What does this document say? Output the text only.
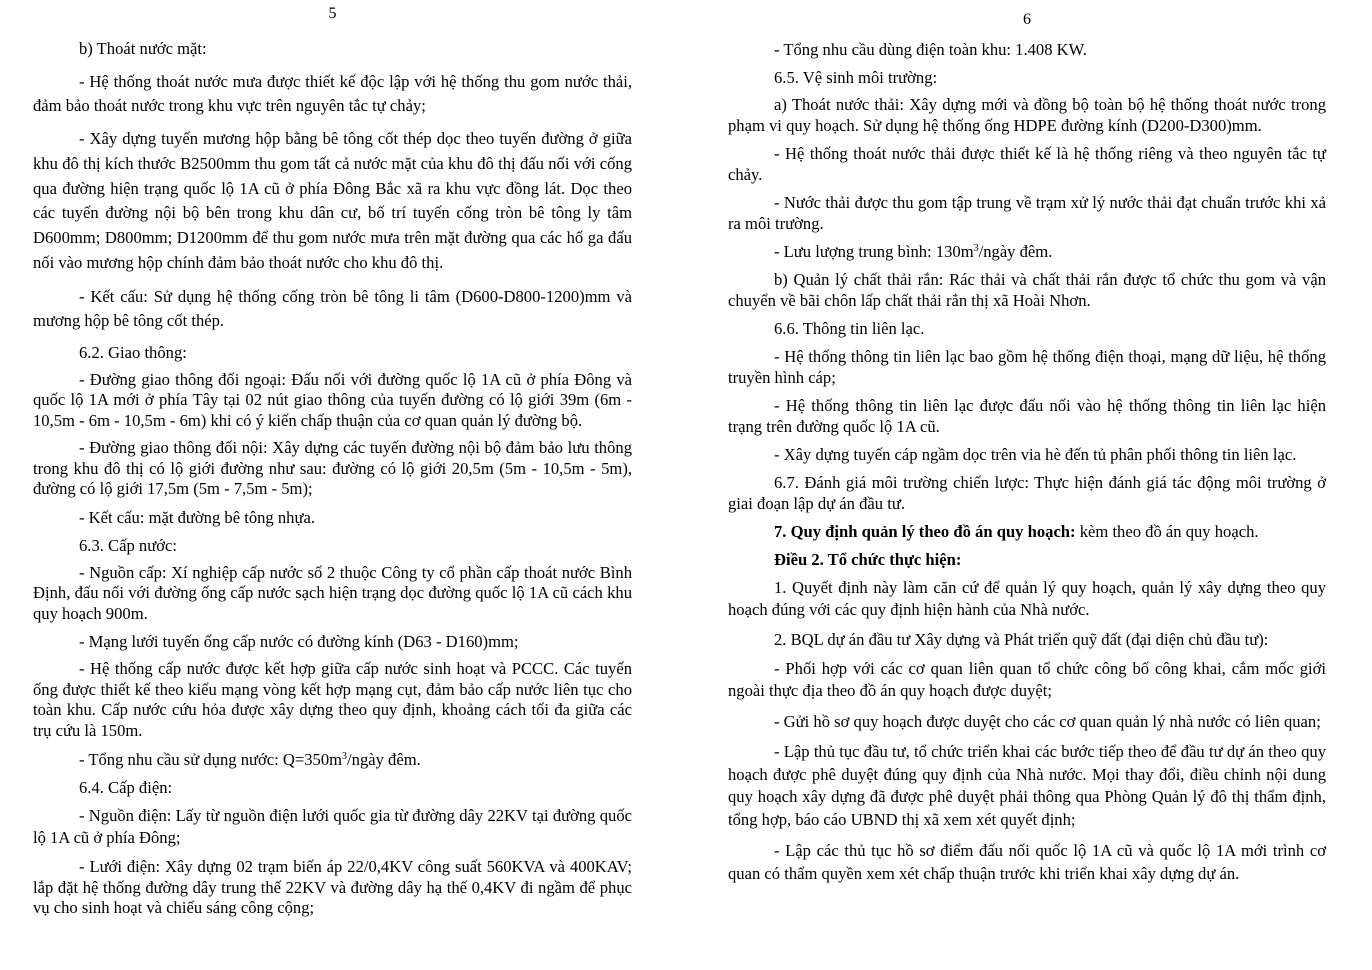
5

b) Thoát nước mặt:

- Hệ thống thoát nước mưa được thiết kế độc lập với hệ thống thu gom nước thải, đảm bảo thoát nước trong khu vực trên nguyên tắc tự chảy;

- Xây dựng tuyến mương hộp bằng bê tông cốt thép dọc theo tuyến đường ở giữa khu đô thị kích thước B2500mm thu gom tất cả nước mặt của khu đô thị đấu nối với cống qua đường hiện trạng quốc lộ 1A cũ ở phía Đông Bắc xã ra khu vực đồng lát. Dọc theo các tuyến đường nội bộ bên trong khu dân cư, bố trí tuyến cống tròn bê tông ly tâm D600mm; D800mm; D1200mm để thu gom nước mưa trên mặt đường qua các hố ga đấu nối vào mương hộp chính đảm bảo thoát nước cho khu đô thị.

- Kết cấu: Sử dụng hệ thống cống tròn bê tông li tâm (D600-D800-1200)mm và mương hộp bê tông cốt thép.

6.2. Giao thông:

- Đường giao thông đối ngoại: Đấu nối với đường quốc lộ 1A cũ ở phía Đông và quốc lộ 1A mới ở phía Tây tại 02 nút giao thông của tuyến đường có lộ giới 39m (6m - 10,5m - 6m - 10,5m - 6m) khi có ý kiến chấp thuận của cơ quan quản lý đường bộ.

- Đường giao thông đối nội: Xây dựng các tuyến đường nội bộ đảm bảo lưu thông trong khu đô thị có lộ giới đường như sau: đường có lộ giới 20,5m (5m - 10,5m - 5m), đường có lộ giới 17,5m (5m - 7,5m - 5m);

- Kết cấu: mặt đường bê tông nhựa.

6.3. Cấp nước:

- Nguồn cấp: Xí nghiệp cấp nước số 2 thuộc Công ty cổ phần cấp thoát nước Bình Định, đấu nối với đường ống cấp nước sạch hiện trạng dọc đường quốc lộ 1A cũ cách khu quy hoạch 900m.

- Mạng lưới tuyến ống cấp nước có đường kính (D63 - D160)mm;

- Hệ thống cấp nước được kết hợp giữa cấp nước sinh hoạt và PCCC. Các tuyến ống được thiết kế theo kiểu mạng vòng kết hợp mạng cụt, đảm bảo cấp nước liên tục cho toàn khu. Cấp nước cứu hỏa được xây dựng theo quy định, khoảng cách tối đa giữa các trụ cứu là 150m.

- Tổng nhu cầu sử dụng nước: $Q=350m^3$/ngày đêm.

6.4. Cấp điện:

- Nguồn điện: Lấy từ nguồn điện lưới quốc gia từ đường dây 22KV tại đường quốc lộ 1A cũ ở phía Đông;

- Lưới điện: Xây dựng 02 trạm biến áp 22/0,4KV công suất 560KVA và 400KAV; lắp đặt hệ thống đường dây trung thế 22KV và đường dây hạ thế 0,4KV đi ngầm để phục vụ cho sinh hoạt và chiếu sáng công cộng;

6

- Tổng nhu cầu dùng điện toàn khu: 1.408 KW.

6.5. Vệ sinh môi trường:

a) Thoát nước thải: Xây dựng mới và đồng bộ toàn bộ hệ thống thoát nước trong phạm vi quy hoạch. Sử dụng hệ thống ống HDPE đường kính (D200-D300)mm.

- Hệ thống thoát nước thải được thiết kế là hệ thống riêng và theo nguyên tắc tự chảy.

- Nước thải được thu gom tập trung về trạm xử lý nước thải đạt chuẩn trước khi xả ra môi trường.

- Lưu lượng trung bình: $130m^3$/ngày đêm.

b) Quản lý chất thải rắn: Rác thải và chất thải rắn được tổ chức thu gom và vận chuyển về bãi chôn lấp chất thải rắn thị xã Hoài Nhơn.

6.6. Thông tin liên lạc.

- Hệ thống thông tin liên lạc bao gồm hệ thống điện thoại, mạng dữ liệu, hệ thống truyền hình cáp;

- Hệ thống thông tin liên lạc được đấu nối vào hệ thống thông tin liên lạc hiện trạng trên đường quốc lộ 1A cũ.

- Xây dựng tuyến cáp ngầm dọc trên via hè đến tủ phân phối thông tin liên lạc.

6.7. Đánh giá môi trường chiến lược: Thực hiện đánh giá tác động môi trường ở giai đoạn lập dự án đầu tư.

7. Quy định quản lý theo đồ án quy hoạch: kèm theo đồ án quy hoạch.

Điều 2. Tổ chức thực hiện:

1. Quyết định này làm căn cứ để quản lý quy hoạch, quản lý xây dựng theo quy hoạch đúng với các quy định hiện hành của Nhà nước.

2. BQL dự án đầu tư Xây dựng và Phát triển quỹ đất (đại diện chủ đầu tư):

- Phối hợp với các cơ quan liên quan tổ chức công bố công khai, cắm mốc giới ngoài thực địa theo đồ án quy hoạch được duyệt;

- Gửi hồ sơ quy hoạch được duyệt cho các cơ quan quản lý nhà nước có liên quan;

- Lập thủ tục đầu tư, tổ chức triển khai các bước tiếp theo để đầu tư dự án theo quy hoạch được phê duyệt đúng quy định của Nhà nước. Mọi thay đổi, điều chỉnh nội dung quy hoạch xây dựng đã được phê duyệt phải thông qua Phòng Quản lý đô thị thẩm định, tổng hợp, báo cáo UBND thị xã xem xét quyết định;

- Lập các thủ tục hồ sơ điểm đấu nối quốc lộ 1A cũ và quốc lộ 1A mới trình cơ quan có thẩm quyền xem xét chấp thuận trước khi triển khai xây dựng dự án.
